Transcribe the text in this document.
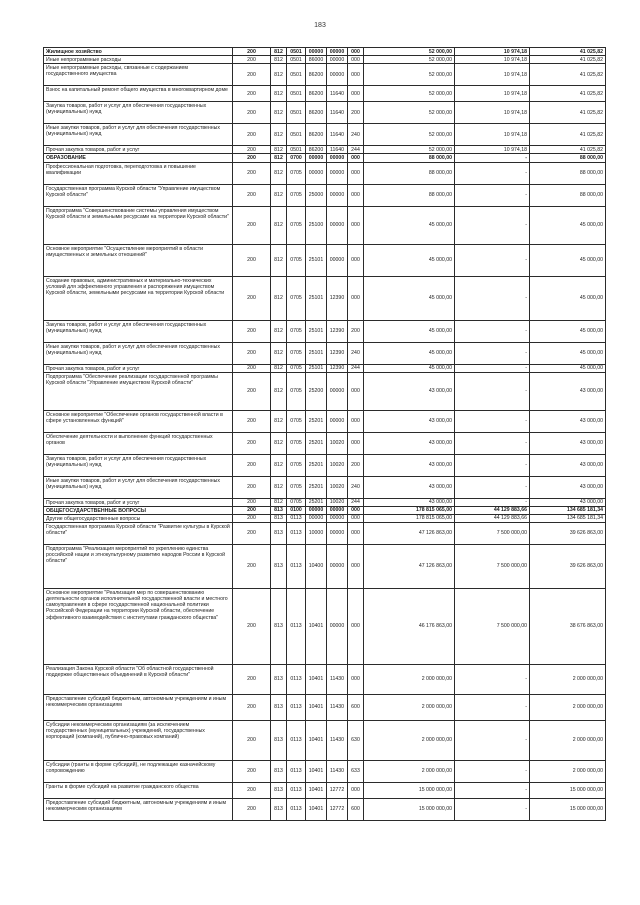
183
Жилищное хозяйство	200	812	0501	00000	00000	000	52 000,00	10 974,18	41 025,82
Иные непрограммные расходы	200	812	0501	86000	00000	000	52 000,00	10 974,18	41 025,82
Иные непрограммные расходы, связанные с содержанием государственного имущества	200	812	0501	86200	00000	000	52 000,00	10 974,18	41 025,82
Взнос на капитальный ремонт общего имущества в многоквартирном доме	200	812	0501	86200	11640	000	52 000,00	10 974,18	41 025,82
Закупка товаров, работ и услуг для обеспечения государственных (муниципальных) нужд	200	812	0501	86200	11640	200	52 000,00	10 974,18	41 025,82
Иные закупки товаров, работ и услуг для обеспечения государственных (муниципальных) нужд	200	812	0501	86200	11640	240	52 000,00	10 974,18	41 025,82
Прочая закупка товаров, работ и услуг	200	812	0501	86200	11640	244	52 000,00	10 974,18	41 025,82
ОБРАЗОВАНИЕ	200	812	0700	00000	00000	000	88 000,00	-	88 000,00
Профессиональная подготовка, переподготовка и повышение квалификации	200	812	0705	00000	00000	000	88 000,00	-	88 000,00
Государственная программа Курской области "Управление имуществом Курской области"	200	812	0705	25000	00000	000	88 000,00	-	88 000,00
Подпрограмма "Совершенствование системы управления имуществом Курской области и земельными ресурсами на территории Курской области"	200	812	0705	25100	00000	000	45 000,00	-	45 000,00
Основное мероприятие "Осуществление мероприятий в области имущественных и земельных отношений"	200	812	0705	25101	00000	000	45 000,00	-	45 000,00
Создание правовых, административных и материально-технических условий для эффективного управления и распоряжения имуществом Курской области, земельными ресурсами на территории Курской области	200	812	0705	25101	12390	000	45 000,00	-	45 000,00
Закупка товаров, работ и услуг для обеспечения государственных (муниципальных) нужд	200	812	0705	25101	12390	200	45 000,00	-	45 000,00
Иные закупки товаров, работ и услуг для обеспечения государственных (муниципальных) нужд	200	812	0705	25101	12390	240	45 000,00	-	45 000,00
Прочая закупка товаров, работ и услуг	200	812	0705	25101	12390	244	45 000,00	-	45 000,00
Подпрограмма "Обеспечение реализации государственной программы Курской области "Управление имуществом Курской области"	200	812	0705	25200	00000	000	43 000,00	-	43 000,00
Основное мероприятие "Обеспечение органов государственной власти в сфере установленных функций"	200	812	0705	25201	00000	000	43 000,00	-	43 000,00
Обеспечение деятельности и выполнение функций государственных органов	200	812	0705	25201	10020	000	43 000,00	-	43 000,00
Закупка товаров, работ и услуг для обеспечения государственных (муниципальных) нужд	200	812	0705	25201	10020	200	43 000,00	-	43 000,00
Иные закупки товаров, работ и услуг для обеспечения государственных (муниципальных) нужд	200	812	0705	25201	10020	240	43 000,00	-	43 000,00
Прочая закупка товаров, работ и услуг	200	812	0705	25201	10020	244	43 000,00	-	43 000,00
ОБЩЕГОСУДАРСТВЕННЫЕ ВОПРОСЫ	200	813	0100	00000	00000	000	178 815 065,00	44 129 883,66	134 685 181,34
Другие общегосударственные вопросы	200	813	0113	00000	00000	000	178 815 065,00	44 129 883,66	134 685 181,34
Государственная программа Курской области "Развитие культуры в Курской области"	200	813	0113	10000	00000	000	47 126 863,00	7 500 000,00	39 626 863,00
Подпрограмма "Реализация мероприятий по укреплению единства российской нации и этнокультурному развитию народов России в Курской области"	200	813	0113	10400	00000	000	47 126 863,00	7 500 000,00	39 626 863,00
Основное мероприятие "Реализация мер по совершенствованию деятельности органов исполнительной государственной власти и местного самоуправления в сфере государственной национальной политики Российской Федерации на территории Курской области, обеспечение эффективного взаимодействия с институтами гражданского общества"	200	813	0113	10401	00000	000	46 176 863,00	7 500 000,00	38 676 863,00
Реализация Закона Курской области "Об областной государственной поддержке общественных объединений в Курской области"	200	813	0113	10401	11430	000	2 000 000,00	-	2 000 000,00
Предоставление субсидий бюджетным, автономным учреждениям и иным некоммерческим организациям	200	813	0113	10401	11430	600	2 000 000,00	-	2 000 000,00
Субсидии некоммерческим организациям (за исключением государственных (муниципальных) учреждений, государственных корпораций (компаний), публично-правовых компаний)	200	813	0113	10401	11430	630	2 000 000,00	-	2 000 000,00
Субсидии (гранты в форме субсидий), не подлежащие казначейскому сопровождению	200	813	0113	10401	11430	633	2 000 000,00	-	2 000 000,00
Гранты в форме субсидий на развитие гражданского общества	200	813	0113	10401	12772	000	15 000 000,00	-	15 000 000,00
Предоставление субсидий бюджетным, автономным учреждениям и иным некоммерческим организациям	200	813	0113	10401	12772	600	15 000 000,00	-	15 000 000,00
